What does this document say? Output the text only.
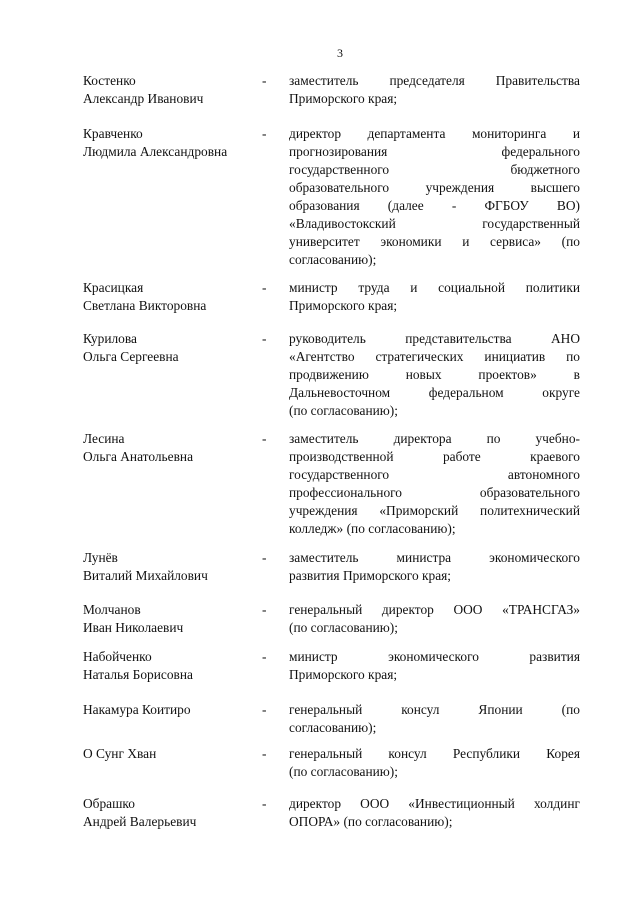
3
Костенко
Александр Иванович
- заместитель председателя Правительства
Приморского края;
Кравченко
Людмила Александровна
- директор департамента мониторинга и
прогнозирования федерального
государственного бюджетного
образовательного учреждения высшего
образования (далее - ФГБОУ ВО)
«Владивостокский государственный
университет экономики и сервиса» (по
согласованию);
Красицкая
Светлана Викторовна
- министр труда и социальной политики
Приморского края;
Курилова
Ольга Сергеевна
- руководитель представительства АНО
«Агентство стратегических инициатив по
продвижению новых проектов» в
Дальневосточном федеральном округе
(по согласованию);
Лесина
Ольга Анатольевна
- заместитель директора по учебно-
производственной работе краевого
государственного автономного
профессионального образовательного
учреждения «Приморский политехнический
колледж» (по согласованию);
Лунёв
Виталий Михайлович
- заместитель министра экономического
развития Приморского края;
Молчанов
Иван Николаевич
- генеральный директор ООО «ТРАНСГАЗ»
(по согласованию);
Набойченко
Наталья Борисовна
- министр экономического развития
Приморского края;
Накамура Коитиро	- генеральный консул Японии (по
согласованию);
О Сунг Хван	- генеральный консул Республики Корея
(по согласованию);
Обрашко
Андрей Валерьевич
- директор ООО «Инвестиционный холдинг
ОПОРА» (по согласованию);
